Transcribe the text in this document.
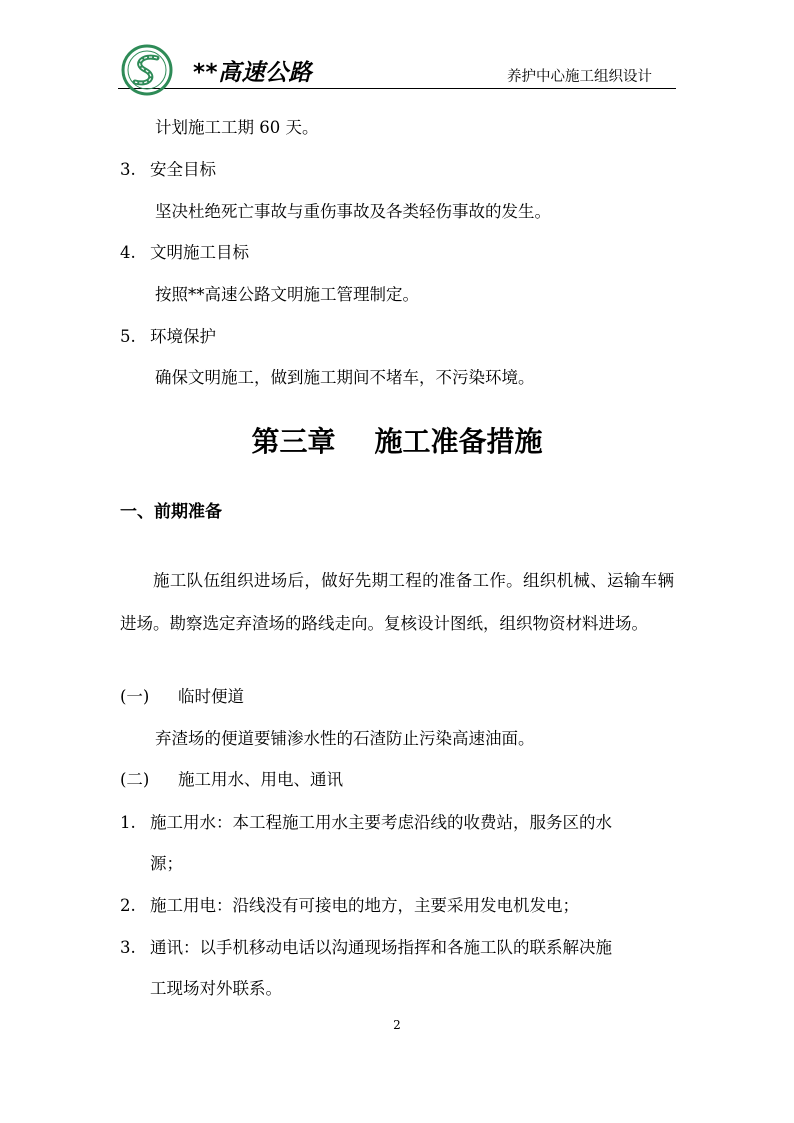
**高速公路	养护中心施工组织设计
计划施工工期 60 天。
3. 安全目标
坚决杜绝死亡事故与重伤事故及各类轻伤事故的发生。
4. 文明施工目标
按照**高速公路文明施工管理制定。
5. 环境保护
确保文明施工，做到施工期间不堵车，不污染环境。
第三章    施工准备措施
一、前期准备
施工队伍组织进场后，做好先期工程的准备工作。组织机械、运输车辆进场。勘察选定弃渣场的路线走向。复核设计图纸，组织物资材料进场。
(一) 临时便道
弃渣场的便道要铺渗水性的石渣防止污染高速油面。
(二) 施工用水、用电、通讯
1. 施工用水：本工程施工用水主要考虑沿线的收费站，服务区的水
源；
2. 施工用电：沿线没有可接电的地方，主要采用发电机发电；
3. 通讯：以手机移动电话以沟通现场指挥和各施工队的联系解决施
工现场对外联系。
2
